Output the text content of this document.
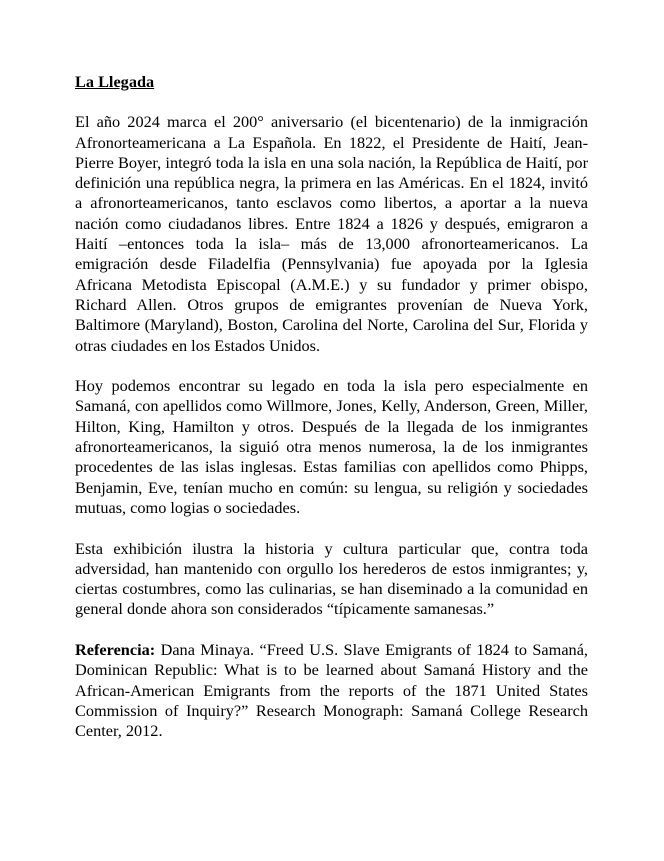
La Llegada

El año 2024 marca el 200° aniversario (el bicentenario) de la inmigración Afronorteamericana a La Española. En 1822, el Presidente de Haití, Jean-Pierre Boyer, integró toda la isla en una sola nación, la República de Haití, por definición una república negra, la primera en las Américas. En el 1824, invitó a afronorteamericanos, tanto esclavos como libertos, a aportar a la nueva nación como ciudadanos libres. Entre 1824 a 1826 y después, emigraron a Haití –entonces toda la isla– más de 13,000 afronorteamericanos. La emigración desde Filadelfia (Pennsylvania) fue apoyada por la Iglesia Africana Metodista Episcopal (A.M.E.) y su fundador y primer obispo, Richard Allen. Otros grupos de emigrantes provenían de Nueva York, Baltimore (Maryland), Boston, Carolina del Norte, Carolina del Sur, Florida y otras ciudades en los Estados Unidos.

Hoy podemos encontrar su legado en toda la isla pero especialmente en Samaná, con apellidos como Willmore, Jones, Kelly, Anderson, Green, Miller, Hilton, King, Hamilton y otros. Después de la llegada de los inmigrantes afronorteamericanos, la siguió otra menos numerosa, la de los inmigrantes procedentes de las islas inglesas. Estas familias con apellidos como Phipps, Benjamin, Eve, tenían mucho en común: su lengua, su religión y sociedades mutuas, como logias o sociedades.

Esta exhibición ilustra la historia y cultura particular que, contra toda adversidad, han mantenido con orgullo los herederos de estos inmigrantes; y, ciertas costumbres, como las culinarias, se han diseminado a la comunidad en general donde ahora son considerados “típicamente samanesas.”

Referencia: Dana Minaya. “Freed U.S. Slave Emigrants of 1824 to Samaná, Dominican Republic: What is to be learned about Samaná History and the African-American Emigrants from the reports of the 1871 United States Commission of Inquiry?” Research Monograph: Samaná College Research Center, 2012.
